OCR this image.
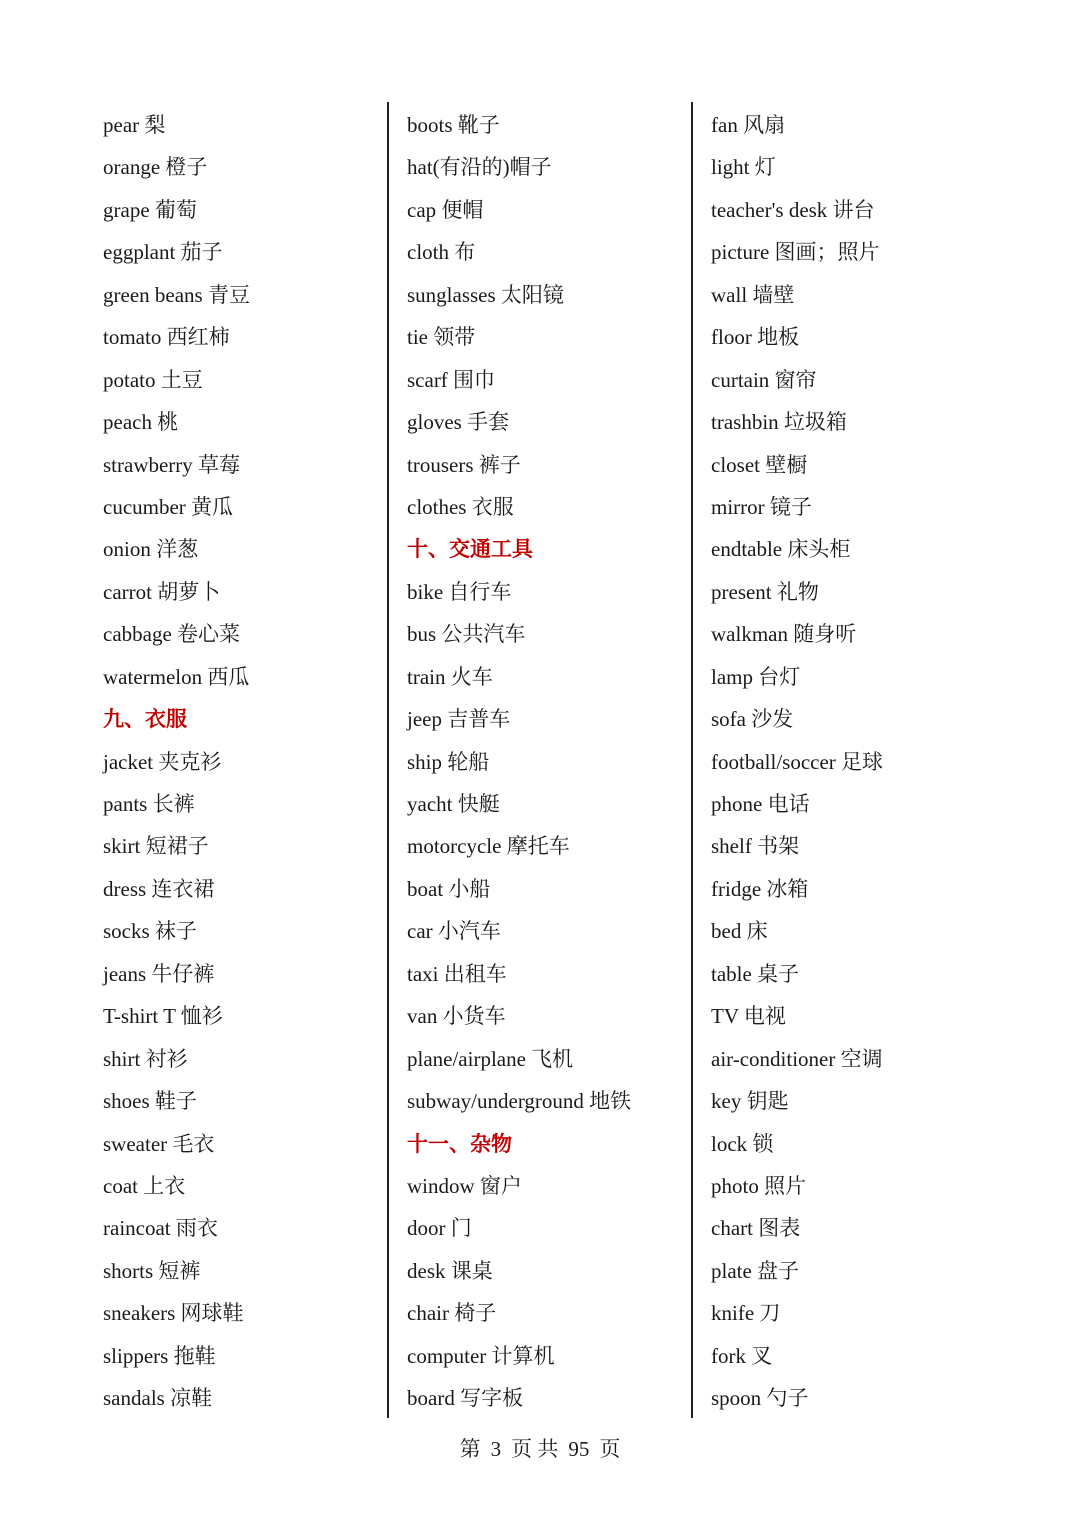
pear 梨
orange 橙子
grape 葡萄
eggplant 茄子
green beans 青豆
tomato 西红柿
potato 土豆
peach 桃
strawberry 草莓
cucumber 黄瓜
onion 洋葱
carrot 胡萝卜
cabbage 卷心菜
watermelon 西瓜
九、衣服
jacket 夹克衫
pants 长裤
skirt 短裙子
dress 连衣裙
socks 袜子
jeans 牛仔裤
T-shirt T 恤衫
shirt 衬衫
shoes 鞋子
sweater 毛衣
coat 上衣
raincoat 雨衣
shorts 短裤
sneakers 网球鞋
slippers 拖鞋
sandals 凉鞋
boots 靴子
hat(有沿的)帽子
cap 便帽
cloth 布
sunglasses 太阳镜
tie 领带
scarf 围巾
gloves 手套
trousers 裤子
clothes 衣服
十、交通工具
bike 自行车
bus 公共汽车
train 火车
jeep 吉普车
ship 轮船
yacht 快艇
motorcycle 摩托车
boat 小船
car 小汽车
taxi 出租车
van 小货车
plane/airplane 飞机
subway/underground 地铁
十一、杂物
window 窗户
door 门
desk 课桌
chair 椅子
computer 计算机
board 写字板
fan 风扇
light 灯
teacher's desk 讲台
picture 图画；照片
wall 墙壁
floor 地板
curtain 窗帘
trashbin 垃圾箱
closet 壁橱
mirror 镜子
endtable 床头柜
present 礼物
walkman 随身听
lamp 台灯
sofa 沙发
football/soccer 足球
phone 电话
shelf 书架
fridge 冰箱
bed 床
table 桌子
TV 电视
air-conditioner 空调
key 钥匙
lock 锁
photo 照片
chart 图表
plate 盘子
knife 刀
fork 叉
spoon 勺子
第 3 页 共 95 页
